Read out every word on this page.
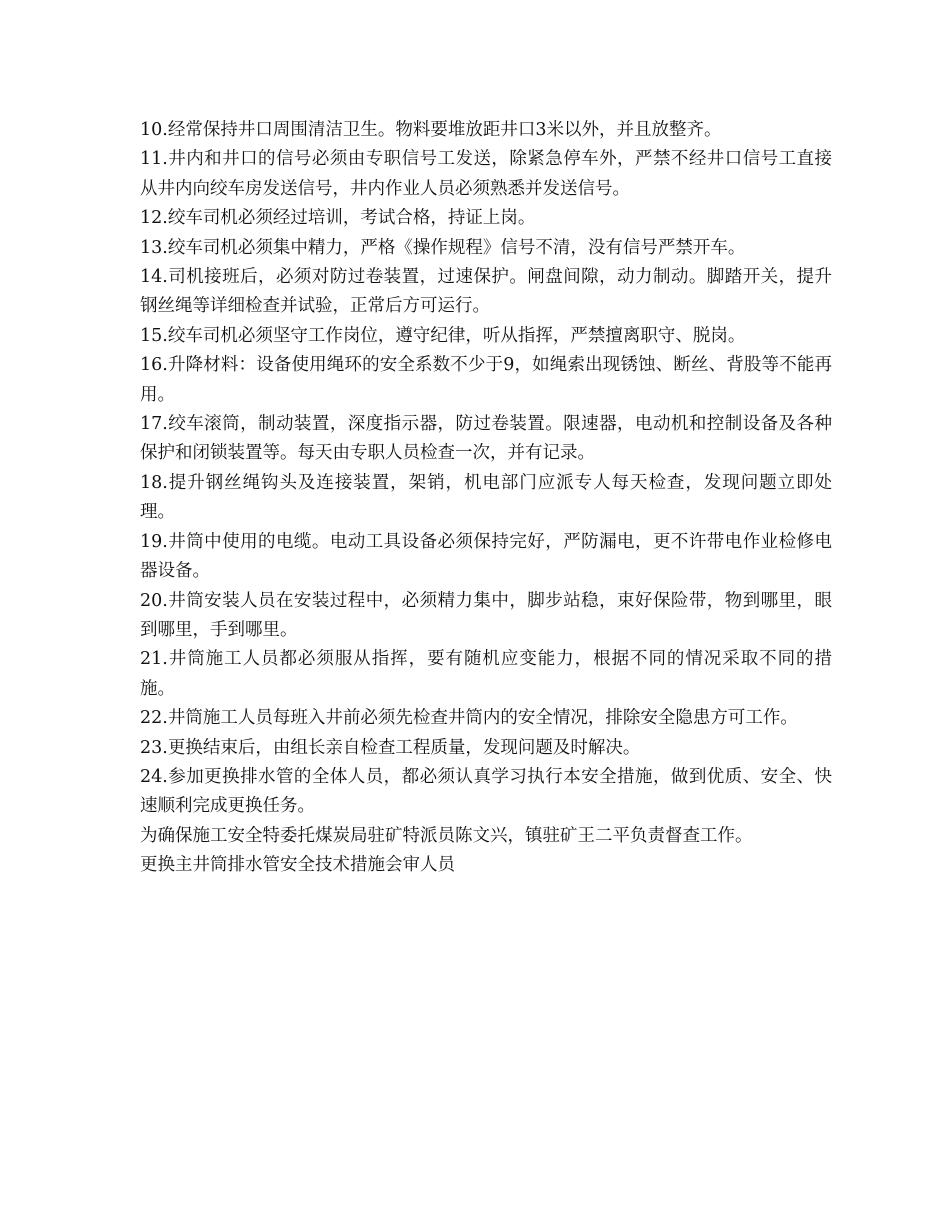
10.经常保持井口周围清洁卫生。物料要堆放距井口3米以外，并且放整齐。

11.井内和井口的信号必须由专职信号工发送，除紧急停车外，严禁不经井口信号工直接从井内向绞车房发送信号，井内作业人员必须熟悉并发送信号。

12.绞车司机必须经过培训，考试合格，持证上岗。

13.绞车司机必须集中精力，严格《操作规程》信号不清，没有信号严禁开车。

14.司机接班后，必须对防过卷装置，过速保护。闸盘间隙，动力制动。脚踏开关，提升钢丝绳等详细检查并试验，正常后方可运行。

15.绞车司机必须坚守工作岗位，遵守纪律，听从指挥，严禁擅离职守、脱岗。

16.升降材料：设备使用绳环的安全系数不少于9，如绳索出现锈蚀、断丝、背股等不能再用。

17.绞车滚筒，制动装置，深度指示器，防过卷装置。限速器，电动机和控制设备及各种保护和闭锁装置等。每天由专职人员检查一次，并有记录。

18.提升钢丝绳钩头及连接装置，架销，机电部门应派专人每天检查，发现问题立即处理。

19.井筒中使用的电缆。电动工具设备必须保持完好，严防漏电，更不许带电作业检修电器设备。

20.井筒安装人员在安装过程中，必须精力集中，脚步站稳，束好保险带，物到哪里，眼到哪里，手到哪里。

21.井筒施工人员都必须服从指挥，要有随机应变能力，根据不同的情况采取不同的措施。

22.井筒施工人员每班入井前必须先检查井筒内的安全情况，排除安全隐患方可工作。

23.更换结束后，由组长亲自检查工程质量，发现问题及时解决。

24.参加更换排水管的全体人员，都必须认真学习执行本安全措施，做到优质、安全、快速顺利完成更换任务。

为确保施工安全特委托煤炭局驻矿特派员陈文兴，镇驻矿王二平负责督查工作。

更换主井筒排水管安全技术措施会审人员
